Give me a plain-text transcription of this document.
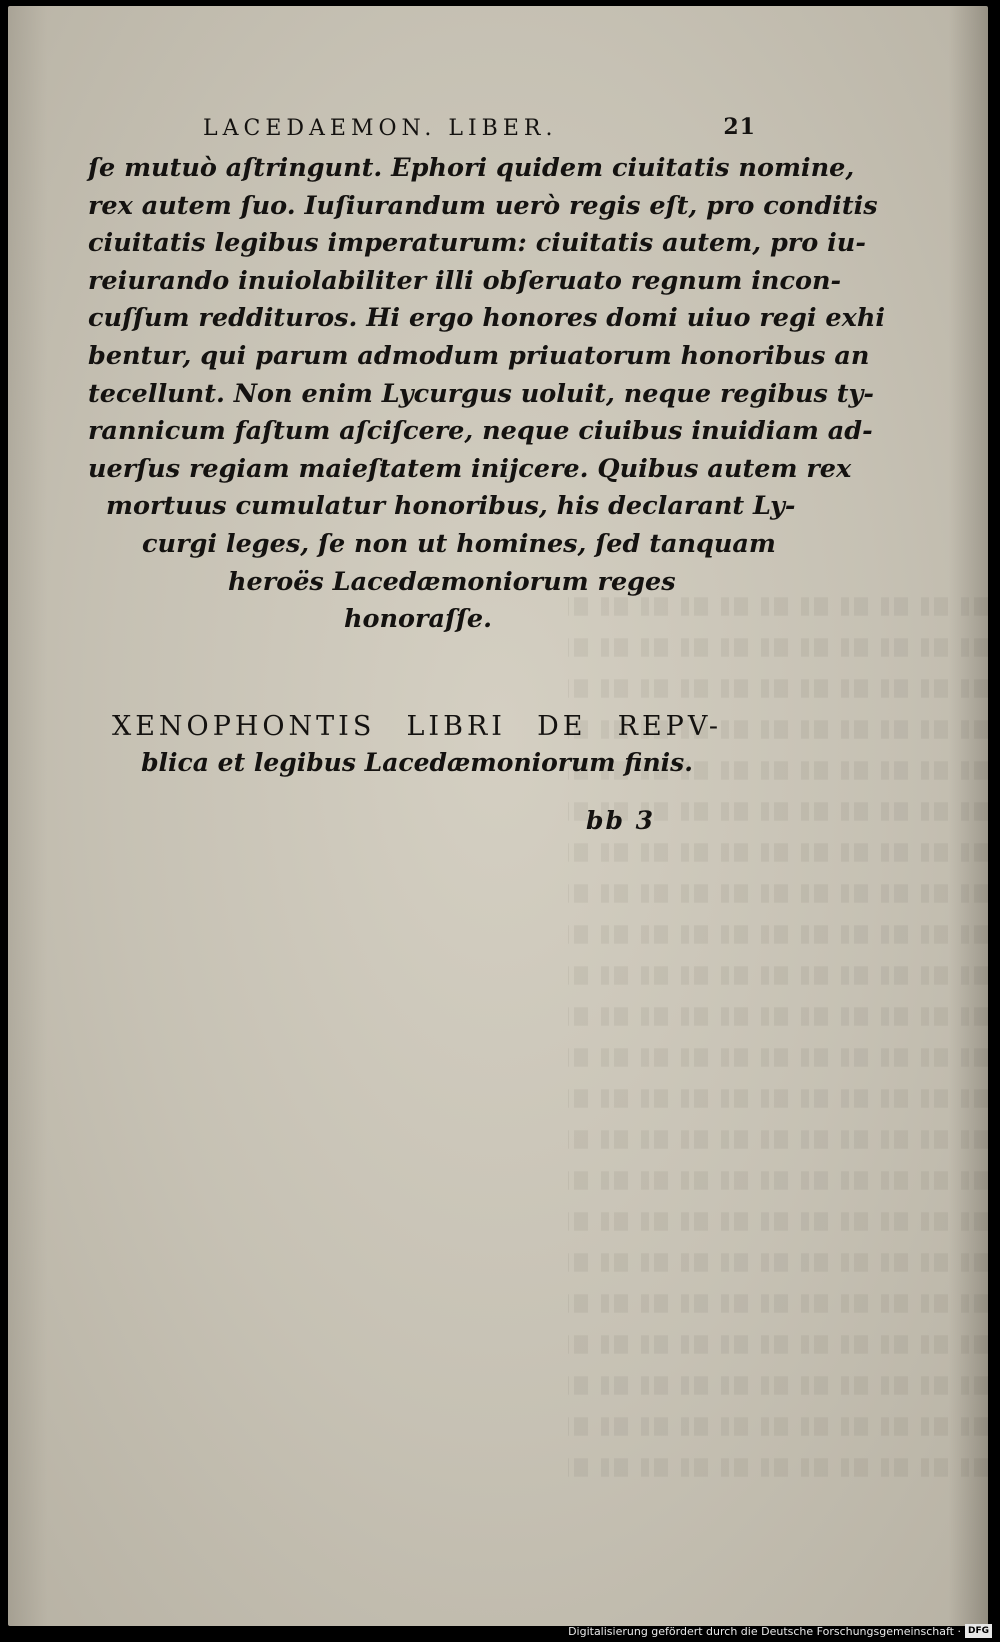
LACEDAEMON. LIBER.	21
ſe mutuò aſtringunt. Ephori quidem ciuitatis nomine,
rex autem ſuo. Iuſiurandum uerò regis eſt, pro conditis
ciuitatis legibus imperaturum: ciuitatis autem, pro iu-
reiurando inuiolabiliter illi obſeruato regnum incon-
cuſſum reddituros. Hi ergo honores domi uiuo regi exhi
bentur, qui parum admodum priuatorum honoribus an
tecellunt. Non enim Lycurgus uoluit, neque regibus ty-
rannicum faſtum aſciſcere, neque ciuibus inuidiam ad-
uerſus regiam maieſtatem inijcere. Quibus autem rex
mortuus cumulatur honoribus, his declarant Ly-
curgi leges, ſe non ut homines, ſed tanquam
heroës Lacedæmoniorum reges
honoraſſe.
XENOPHONTIS LIBRI DE REPV-
blica et legibus Lacedæmoniorum finis.
bb 3
Digitalisierung gefördert durch die Deutsche Forschungsgemeinschaft · DFG
